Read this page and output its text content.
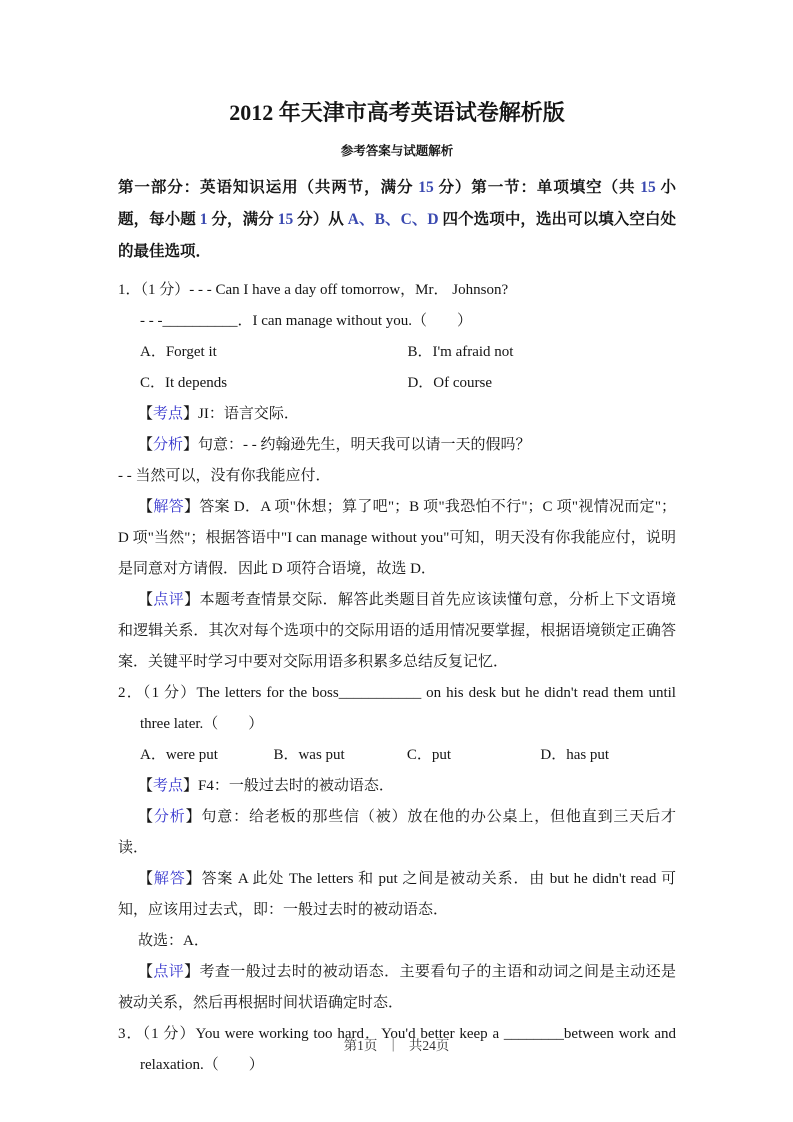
2012 年天津市高考英语试卷解析版
参考答案与试题解析

第一部分：英语知识运用（共两节，满分 15 分）第一节：单项填空（共 15 小题，每小题 1 分，满分 15 分）从 A、B、C、D 四个选项中，选出可以填入空白处的最佳选项．

1．（1 分）- - - Can I have a day off tomorrow，Mr． Johnson?

- - -__________．I can manage without you.（　　）

A．Forget it	B．I'm afraid not
C．It depends	D．Of course

【考点】JI：语言交际．

【分析】句意：- - 约翰逊先生，明天我可以请一天的假吗？

- - 当然可以，没有你我能应付．

【解答】答案 D．A 项"休想；算了吧"；B 项"我恐怕不行"；C 项"视情况而定"；D 项"当然"；根据答语中"I can manage without you"可知，明天没有你我能应付，说明是同意对方请假．因此 D 项符合语境，故选 D．

【点评】本题考查情景交际．解答此类题目首先应该读懂句意，分析上下文语境和逻辑关系．其次对每个选项中的交际用语的适用情况要掌握，根据语境锁定正确答案．关键平时学习中要对交际用语多积累多总结反复记忆．

2．（1 分）The letters for the boss___________ on his desk but he didn't read them until three later.（　　）

A．were put	B．was put	C．put	D．has put

【考点】F4：一般过去时的被动语态．

【分析】句意：给老板的那些信（被）放在他的办公桌上，但他直到三天后才读．

【解答】答案 A 此处 The letters 和 put 之间是被动关系．由 but he didn't read 可知，应该用过去式，即：一般过去时的被动语态．

故选：A．

【点评】考查一般过去时的被动语态．主要看句子的主语和动词之间是主动还是被动关系，然后再根据时间状语确定时态．

3．（1 分）You were working too hard．You'd better keep a ________between work and relaxation.（　　）

第1页 ｜ 共24页
